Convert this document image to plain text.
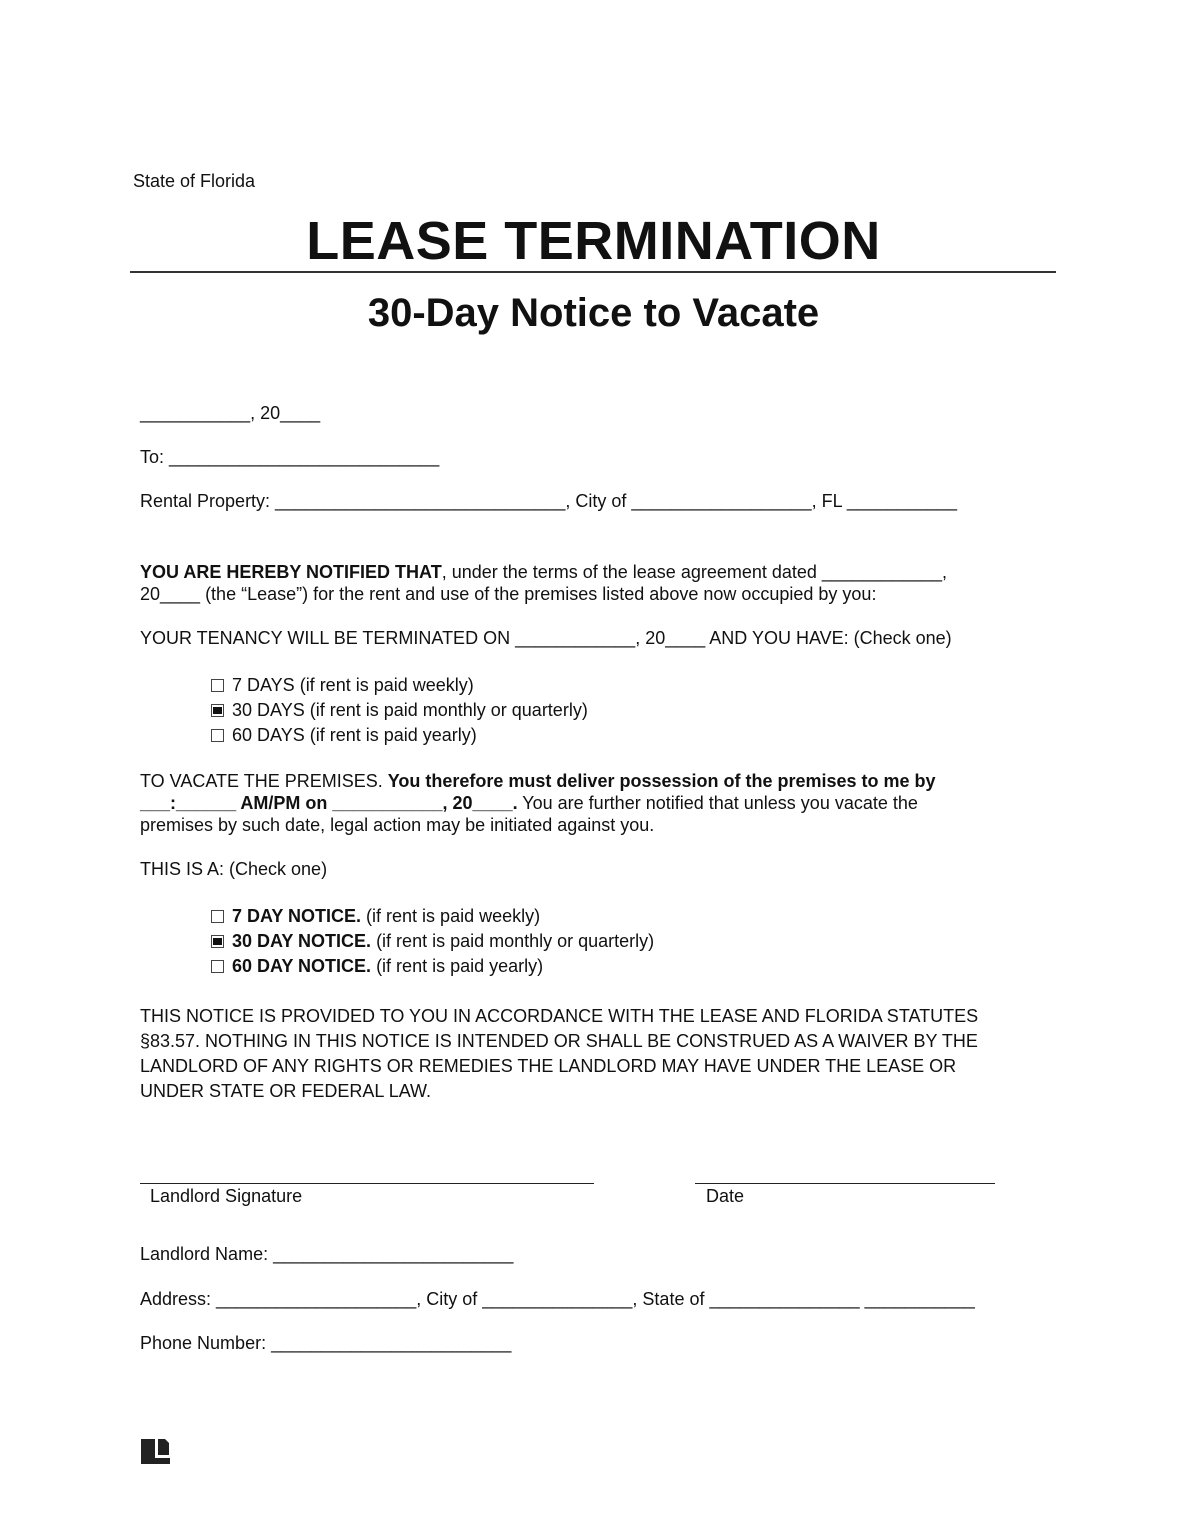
State of Florida
LEASE TERMINATION
30-Day Notice to Vacate
___________, 20____
To: ___________________________
Rental Property: _____________________________, City of __________________, FL ___________
YOU ARE HEREBY NOTIFIED THAT, under the terms of the lease agreement dated ____________,
20____ (the “Lease”) for the rent and use of the premises listed above now occupied by you:
YOUR TENANCY WILL BE TERMINATED ON ____________, 20____ AND YOU HAVE: (Check one)
7 DAYS (if rent is paid weekly)
30 DAYS (if rent is paid monthly or quarterly)
60 DAYS (if rent is paid yearly)
TO VACATE THE PREMISES. You therefore must deliver possession of the premises to me by
___:______ AM/PM on ___________, 20____. You are further notified that unless you vacate the
premises by such date, legal action may be initiated against you.
THIS IS A: (Check one)
7 DAY NOTICE. (if rent is paid weekly)
30 DAY NOTICE. (if rent is paid monthly or quarterly)
60 DAY NOTICE. (if rent is paid yearly)
THIS NOTICE IS PROVIDED TO YOU IN ACCORDANCE WITH THE LEASE AND FLORIDA STATUTES
§83.57. NOTHING IN THIS NOTICE IS INTENDED OR SHALL BE CONSTRUED AS A WAIVER BY THE
LANDLORD OF ANY RIGHTS OR REMEDIES THE LANDLORD MAY HAVE UNDER THE LEASE OR
UNDER STATE OR FEDERAL LAW.
Landlord Signature	Date
Landlord Name: ________________________
Address: ____________________, City of _______________, State of _______________ ___________
Phone Number: ________________________
